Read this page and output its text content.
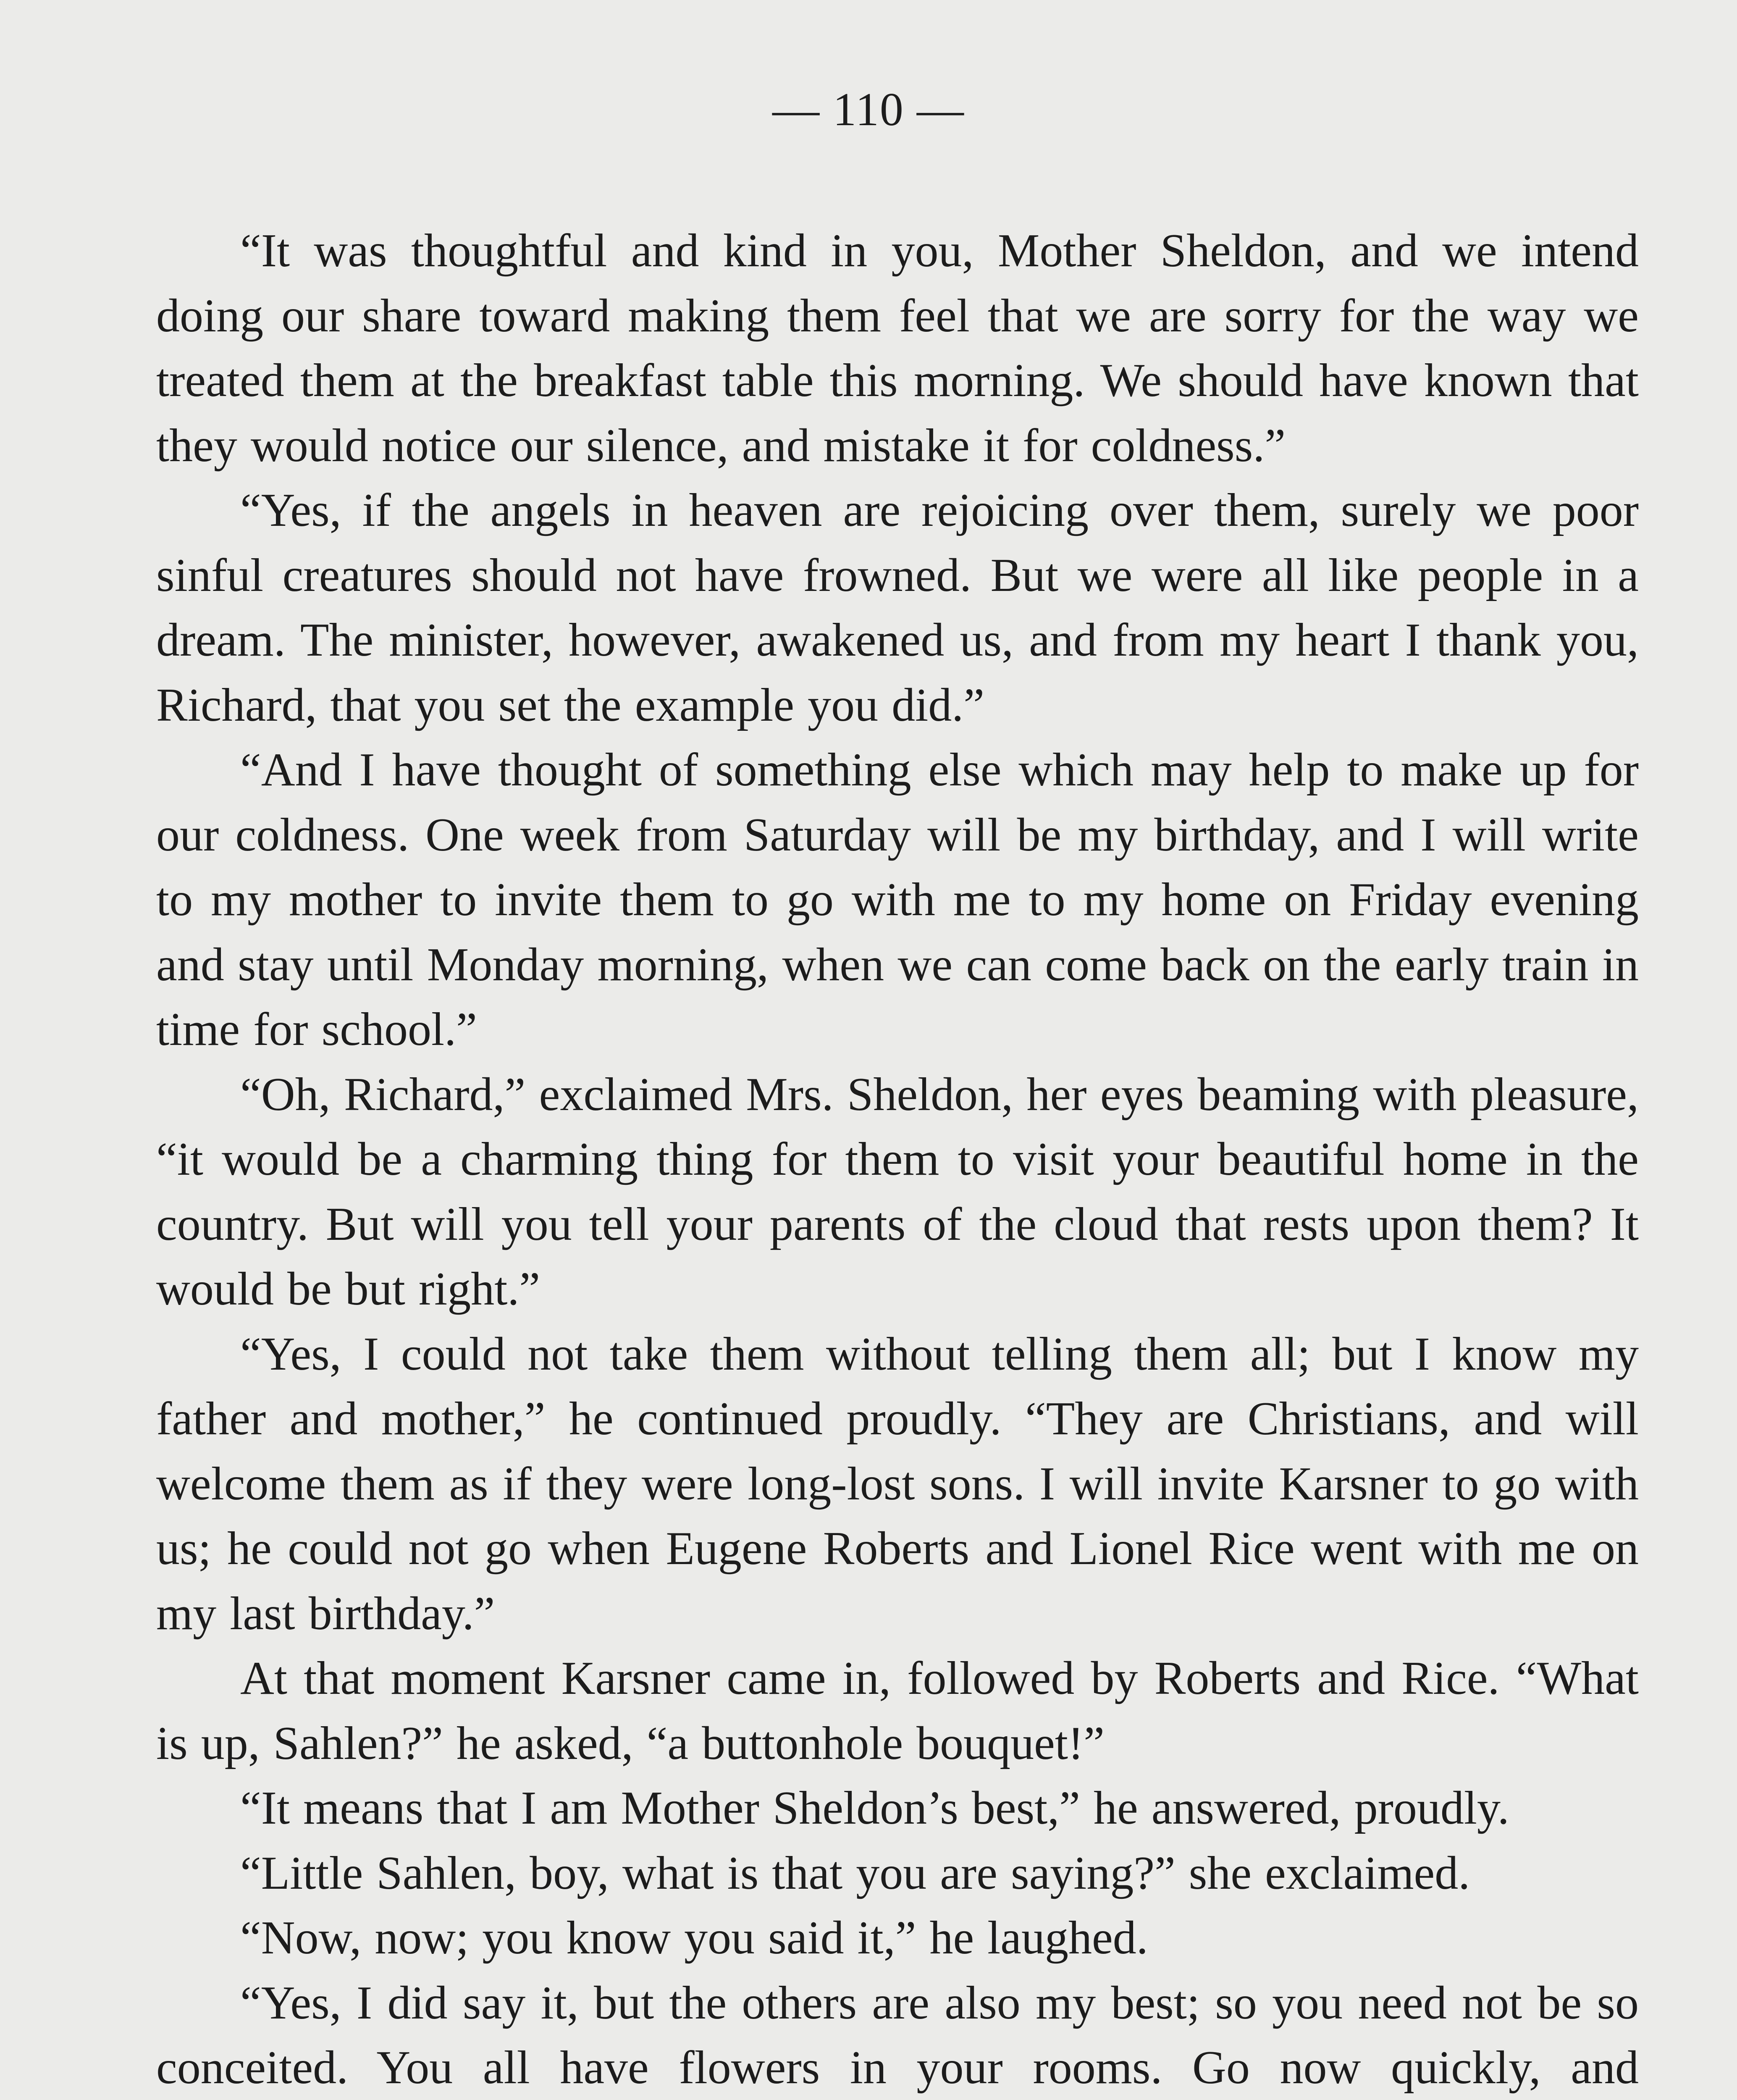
— 110 —

“It was thoughtful and kind in you, Mother Sheldon, and we intend doing our share toward making them feel that we are sorry for the way we treated them at the breakfast table this morning. We should have known that they would notice our silence, and mistake it for coldness.”

“Yes, if the angels in heaven are rejoicing over them, surely we poor sinful creatures should not have frowned. But we were all like people in a dream. The minister, however, awakened us, and from my heart I thank you, Richard, that you set the example you did.”

“And I have thought of something else which may help to make up for our coldness. One week from Saturday will be my birthday, and I will write to my mother to invite them to go with me to my home on Friday evening and stay until Monday morning, when we can come back on the early train in time for school.”

“Oh, Richard,” exclaimed Mrs. Sheldon, her eyes beaming with pleasure, “it would be a charming thing for them to visit your beautiful home in the country. But will you tell your parents of the cloud that rests upon them? It would be but right.”

“Yes, I could not take them without telling them all; but I know my father and mother,” he continued proudly. “They are Christians, and will welcome them as if they were long-lost sons. I will invite Karsner to go with us; he could not go when Eugene Roberts and Lionel Rice went with me on my last birthday.”

At that moment Karsner came in, followed by Roberts and Rice. “What is up, Sahlen?” he asked, “a buttonhole bouquet!”

“It means that I am Mother Sheldon’s best,” he answered, proudly.

“Little Sahlen, boy, what is that you are saying?” she exclaimed.

“Now, now; you know you said it,” he laughed.

“Yes, I did say it, but the others are also my best; so you need not be so conceited. You all have flowers in your rooms. Go now quickly, and
